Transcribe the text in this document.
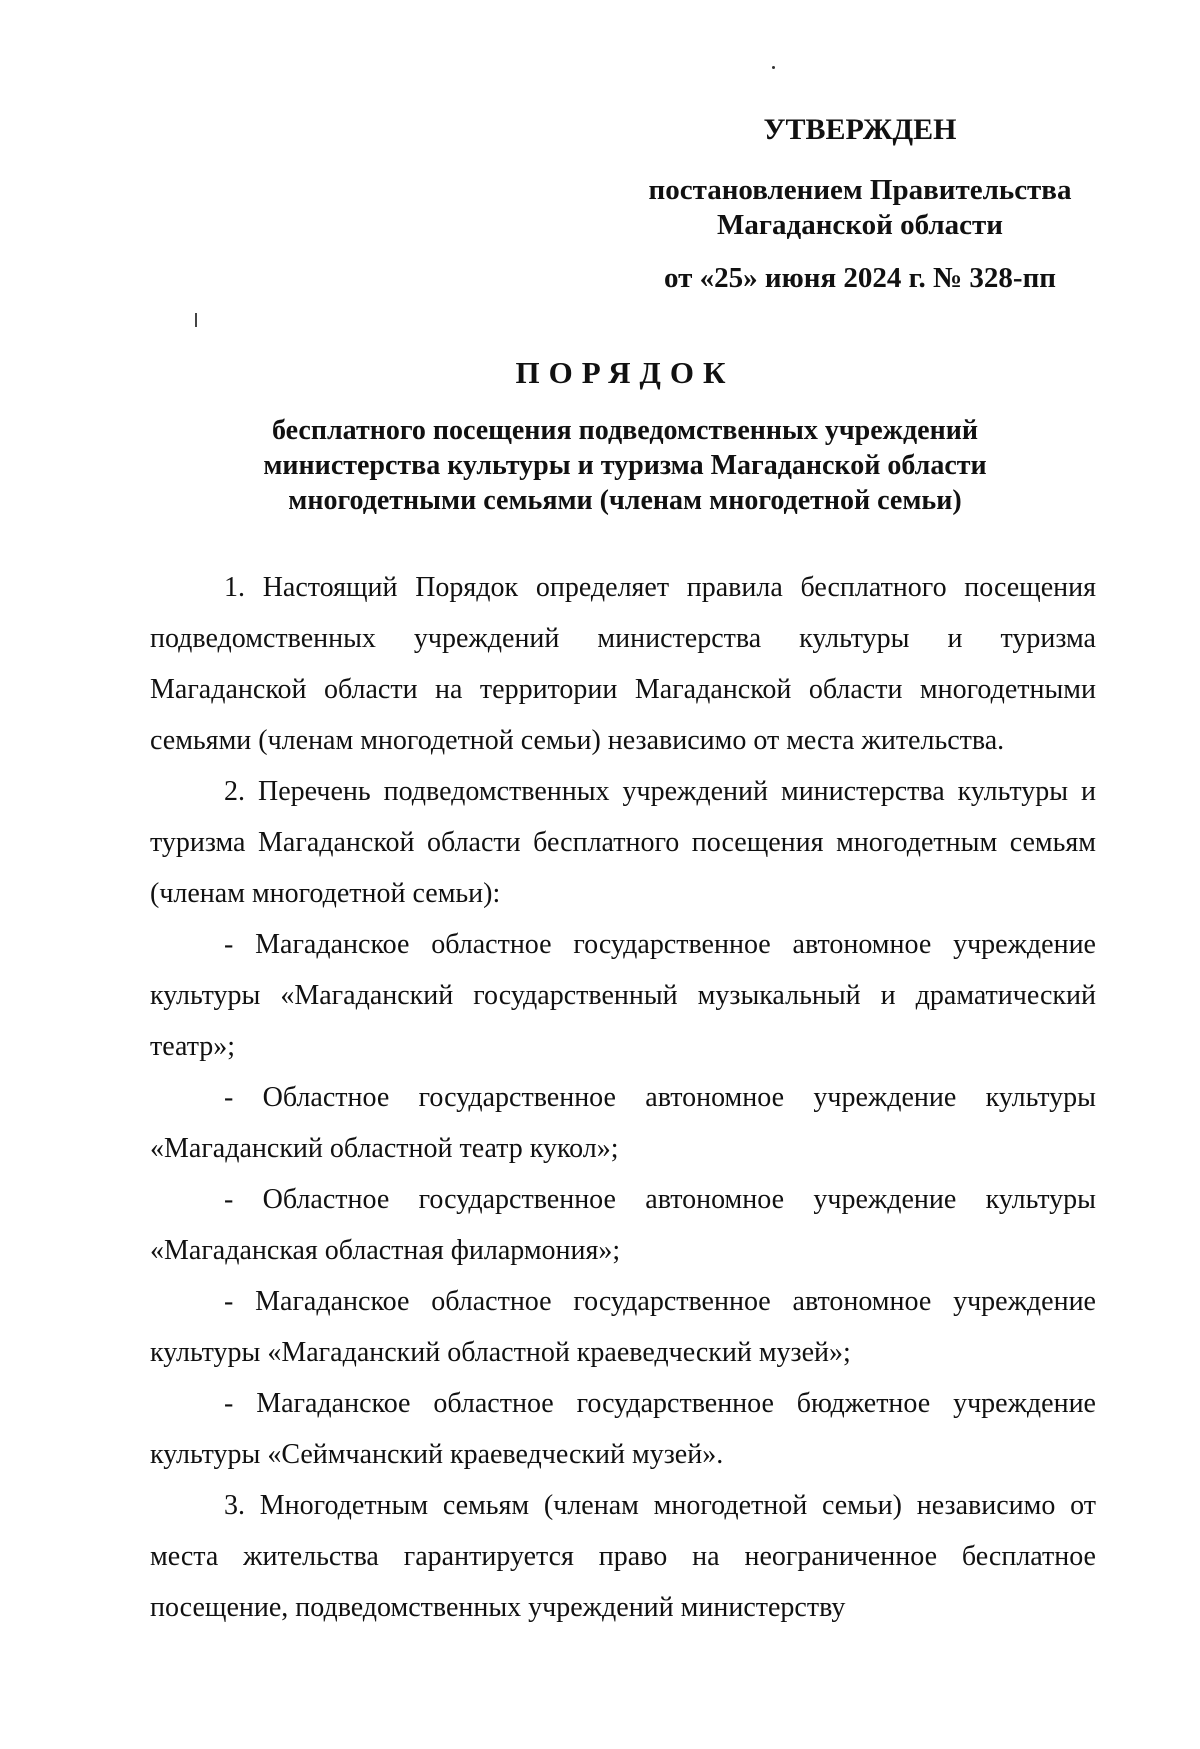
УТВЕРЖДЕН
постановлением Правительства
Магаданской области
от «25» июня 2024 г. № 328-пп
ПОРЯДОК
бесплатного посещения подведомственных учреждений
министерства культуры и туризма Магаданской области
многодетными семьями (членам многодетной семьи)

1. Настоящий Порядок определяет правила бесплатного посещения подведомственных учреждений министерства культуры и туризма Магаданской области на территории Магаданской области многодетными семьями (членам многодетной семьи) независимо от места жительства.

2. Перечень подведомственных учреждений министерства культуры и туризма Магаданской области бесплатного посещения многодетным семьям (членам многодетной семьи):

- Магаданское областное государственное автономное учреждение культуры «Магаданский государственный музыкальный и драматический театр»;

- Областное государственное автономное учреждение культуры «Магаданский областной театр кукол»;

- Областное государственное автономное учреждение культуры «Магаданская областная филармония»;

- Магаданское областное государственное автономное учреждение культуры «Магаданский областной краеведческий музей»;

- Магаданское областное государственное бюджетное учреждение культуры «Сеймчанский краеведческий музей».

3. Многодетным семьям (членам многодетной семьи) независимо от места жительства гарантируется право на неограниченное бесплатное посещение, подведомственных учреждений министерству
